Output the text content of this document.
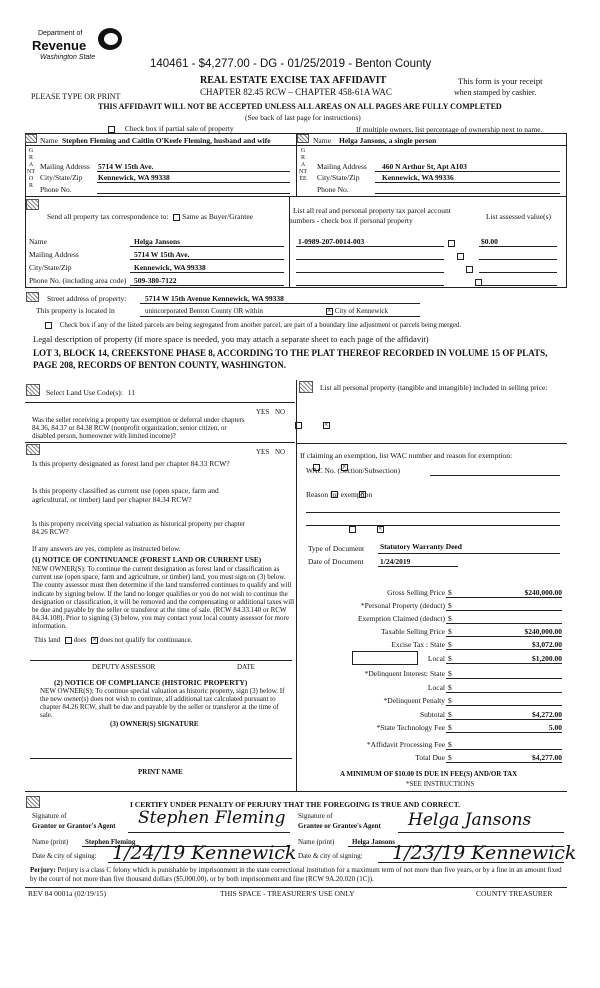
Department of
Revenue
Washington State
140461 - $4,277.00 - DG - 01/25/2019 - Benton County
REAL ESTATE EXCISE TAX AFFIDAVIT
CHAPTER 82.45 RCW – CHAPTER 458-61A WAC
This form is your receipt
when stamped by cashier.
PLEASE TYPE OR PRINT
THIS AFFIDAVIT WILL NOT BE ACCEPTED UNLESS ALL AREAS ON ALL PAGES ARE FULLY COMPLETED
(See back of last page for instructions)
Check box if partial sale of property	If multiple owners, list percentage of ownership next to name.
GRANTOR
GRANTEE
Name Stephen Fleming and Caitlin O'Keefe Fleming, husband and wife	Name Helga Jansons, a single person
Mailing Address 5714 W 15th Ave.
City/State/Zip Kennewick, WA 99338
Phone No.
Mailing Address 460 N Arthur St, Apt A103
City/State/Zip	Kennewick, WA 99336
Phone No.
Send all property tax correspondence to: Same as Buyer/Grantee
List all real and personal property tax parcel account
numbers - check box if personal property	List assessed value(s)
Name	Helga Jansons
Mailing Address	5714 W 15th Ave.
City/State/Zip	Kennewick, WA 99338
Phone No. (including area code) 509-380-7122
1-0989-207-0014-003
	$0.00
Street address of property: 5714 W 15th Avenue Kennewick, WA 99338
This property is located in	unincorporated Benton County OR within ×	City of Kennewick
Check box if any of the listed parcels are being segregated from another parcel, are part of a boundary line adjustment or parcels being merged.
Legal description of property (if more space is needed, you may attach a separate sheet to each page of the affidavit)
LOT 3, BLOCK 14, CREEKSTONE PHASE 8, ACCORDING TO THE PLAT THEREOF RECORDED IN VOLUME 15 OF PLATS, PAGE 208, RECORDS OF BENTON COUNTY, WASHINGTON.
Select Land Use Code(s): 11
YES NO
Was the seller receiving a property tax exemption or deferral under chapters 84.36, 84.37 or 84.38 RCW (nonprofit organization, senior citizen, or disabled person, homeowner with limited income)?
×
YES NO
Is this property designated as forest land per chapter 84.33 RCW?
×
Is this property classified as current use (open space, farm and agricultural, or timber) land per chapter 84.34 RCW?
×
Is this property receiving special valuation as historical property per chapter 84.26 RCW?
×
If any answers are yes, complete as instructed below.
(1) NOTICE OF CONTINUANCE (FOREST LAND OR CURRENT USE)
NEW OWNER(S): To continue the current designation as forest land or classification as current use (open space, farm and agriculture, or timber) land, you must sign on (3) below. The county assessor must then determine if the land transferred continues to qualify and will indicate by signing below. If the land no longer qualifies or you do not wish to continue the designation or classification, it will be removed and the compensating or additional taxes will be due and payable by the seller or transferor at the time of sale. (RCW 84.33.140 or RCW 84.34.108). Prior to signing (3) below, you may contact your local county assessor for more information.
This land does × does not qualify for continuance.
DEPUTY ASSESSOR	DATE
(2) NOTICE OF COMPLIANCE (HISTORIC PROPERTY)
NEW OWNER(S): To continue special valuation as historic property, sign (3) below. If the new owner(s) does not wish to continue, all additional tax calculated pursuant to chapter 84.26 RCW, shall be due and payable by the seller or transferor at the time of sale.
(3) OWNER(S) SIGNATURE
PRINT NAME
List all personal property (tangible and intangible) included in selling price:
If claiming an exemption, list WAC number and reason for exemption:
WAC No. (Section/Subsection)
Reason for exemption
Type of Document Statutory Warranty Deed
Date of Document 1/24/2019
Gross Selling Price $	$240,000.00
*Personal Property (deduct) $
Exemption Claimed (deduct) $
Taxable Selling Price $	$240,000.00
Excise Tax : State $	$3,072.00
Local $	$1,200.00
*Delinquent Interest: State $
Local $
*Delinquent Penalty $
Subtotal $	$4,272.00
*State Technology Fee $	5.00
*Affidavit Processing Fee $
Total Due $	$4,277.00
A MINIMUM OF $10.00 IS DUE IN FEE(S) AND/OR TAX
*SEE INSTRUCTIONS
I CERTIFY UNDER PENALTY OF PERJURY THAT THE FOREGOING IS TRUE AND CORRECT.
Signature of
Grantor or Grantor's Agent Stephen Fleming
Name (print) Stephen Fleming
Date & city of signing: 1/24/19 Kennewick
Signature of
Grantee or Grantee's Agent Helga Jansons
Name (print)	Helga Jansons
Date & city of signing: 1/23/19 Kennewick
Perjury: Perjury is a class C felony which is punishable by imprisonment in the state correctional institution for a maximum term of not more than five years, or by a fine in an amount fixed by the court of not more than five thousand dollars ($5,000.00), or by both imprisonment and fine (RCW 9A.20.020 (1C)).
REV 84 0001a (02/19/15)	THIS SPACE - TREASURER'S USE ONLY	COUNTY TREASURER
